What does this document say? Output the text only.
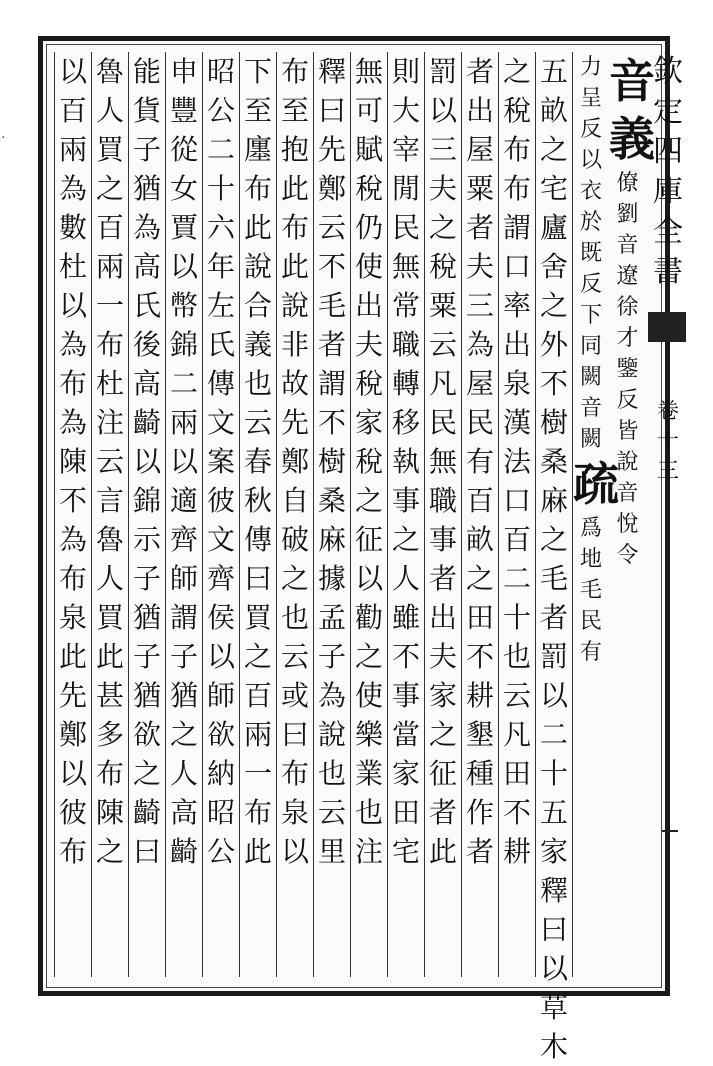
欽
定
四
庫
全
書
卷
十
三
·
音
義
僚
劉
音
遼
徐
才
鑒
反
皆
說
音
悅
令
力
呈
反
以
衣
於
既
反
下
同
闕
音
闕
疏
爲
地
毛
民
有
五
畝
之
宅
廬
舍
之
外
不
樹
桑
麻
之
毛
者
罰
以
二
十
五
家
釋
曰
以
草
木
之
稅
布
布
謂
口
率
出
泉
漢
法
口
百
二
十
也
云
凡
田
不
耕
者
出
屋
粟
者
夫
三
為
屋
民
有
百
畝
之
田
不
耕
墾
種
作
者
罰
以
三
夫
之
稅
粟
云
凡
民
無
職
事
者
出
夫
家
之
征
者
此
則
大
宰
閒
民
無
常
職
轉
移
執
事
之
人
雖
不
事
當
家
田
宅
無
可
賦
稅
仍
使
出
夫
稅
家
稅
之
征
以
勸
之
使
樂
業
也
注
釋
曰
先
鄭
云
不
毛
者
謂
不
樹
桑
麻
據
孟
子
為
說
也
云
里
布
至
抱
此
布
此
說
非
故
先
鄭
自
破
之
也
云
或
曰
布
泉
以
下
至
廛
布
此
說
合
義
也
云
春
秋
傳
曰
買
之
百
兩
一
布
此
昭
公
二
十
六
年
左
氏
傳
文
案
彼
文
齊
侯
以
師
欲
納
昭
公
申
豐
從
女
賈
以
幣
錦
二
兩
以
適
齊
師
謂
子
猶
之
人
高
齮
能
貨
子
猶
為
高
氏
後
高
齮
以
錦
示
子
猶
子
猶
欲
之
齮
曰
魯
人
買
之
百
兩
一
布
杜
注
云
言
魯
人
買
此
甚
多
布
陳
之
以
百
兩
為
數
杜
以
為
布
為
陳
不
為
布
泉
此
先
鄭
以
彼
布
